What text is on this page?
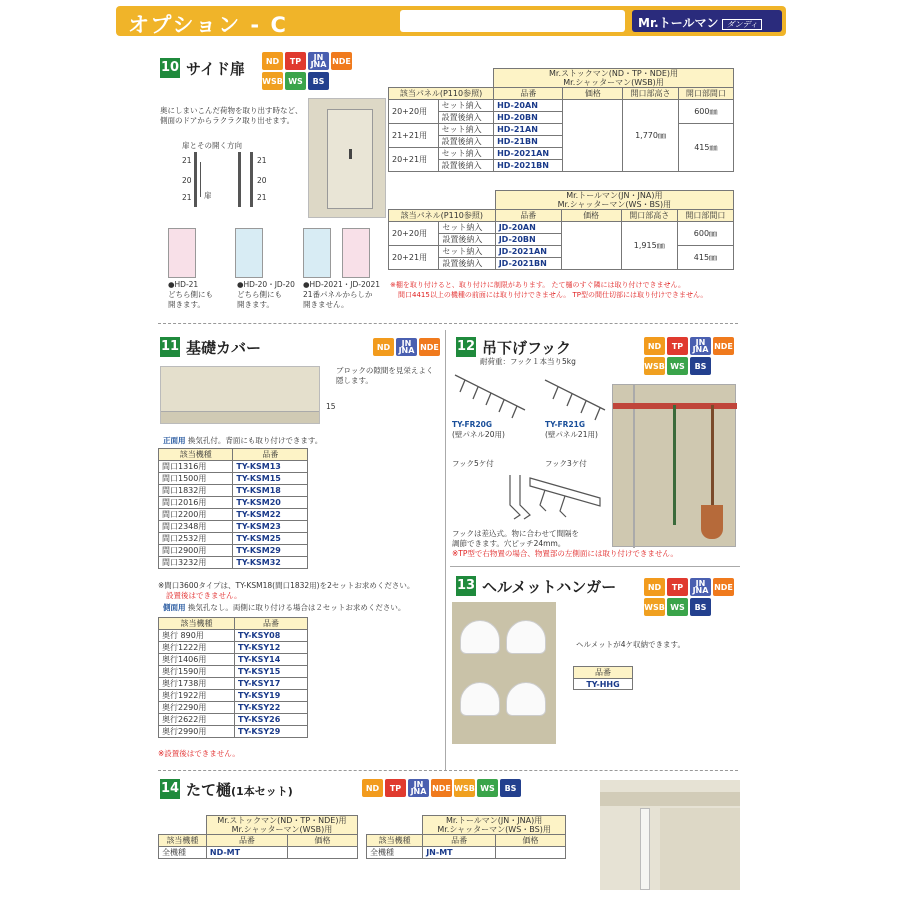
オプション - C	Mr.トールマン ダンディ
10 サイド扉	ND	TP	JN
JNA NDE
WSB WS	BS
奥にしまいこんだ荷物を取り出す時など、
側面のドアからラクラク取り出せます。
扉とその開く方向
21
20
21 扉
21
20
21
●HD-21
どちら側にも
開きます。
●HD-20・JD-20
どちら側にも
開きます。
●HD-2021・JD-2021
21番パネルからしか
開きません。

		Mr.ストックマン(ND・TP・NDE)用
Mr.シャッターマン(WSB)用			

該当パネル(P110参照)		品番	価格	開口部高さ	開口部間口
20+20用	セット納入	HD-20AN		1,770㎜	600㎜
	設置後納入	HD-20BN			
21+21用	セット納入	HD-21AN			415㎜
	設置後納入	HD-21BN			
20+21用	セット納入	HD-2021AN			
	設置後納入	HD-2021BN			

		Mr.トールマン(JN・JNA)用
Mr.シャッターマン(WS・BS)用			

該当パネル(P110参照)		品番	価格	開口部高さ	開口部間口
20+20用	セット納入	JD-20AN		1,915㎜	600㎜
	設置後納入	JD-20BN			
20+21用	セット納入	JD-2021AN			415㎜
	設置後納入	JD-2021BN			
※棚を取り付けると、取り付けに制限があります。 たて樋のすぐ隣には取り付けできません。
間口4415以上の機種の前面には取り付けできません。 TP型の間仕切部には取り付けできません。
11 基礎カバー	ND	JN
JNA NDE
15
ブロックの隙間を見栄えよく
隠します。
正面用 換気孔付。背面にも取り付けできます。
該当機種	品番
間口1316用	TY-KSM13
間口1500用	TY-KSM15
間口1832用	TY-KSM18
間口2016用	TY-KSM20
間口2200用	TY-KSM22
間口2348用	TY-KSM23
間口2532用	TY-KSM25
間口2900用	TY-KSM29
間口3232用	TY-KSM32
※間口3600タイプは、TY-KSM18(間口1832用)を2セットお求めください。
設置後はできません。
側面用 換気孔なし。両側に取り付ける場合は２セットお求めください。
該当機種	品番
奥行 890用	TY-KSY08
奥行1222用	TY-KSY12
奥行1406用	TY-KSY14
奥行1590用	TY-KSY15
奥行1738用	TY-KSY17
奥行1922用	TY-KSY19
奥行2290用	TY-KSY22
奥行2622用	TY-KSY26
奥行2990用	TY-KSY29
※設置後はできません。
12 吊下げフック	ND	TP	JN
JNA NDE
WSB WS	BS
耐荷重：フック１本当り5kg
TY-FR20G
(壁パネル20用)
TY-FR21G
(壁パネル21用)
フック5ケ付	フック3ケ付
フックは差込式。物に合わせて間隔を
調節できます。穴ピッチ24mm。
※TP型で右物置の場合、物置部の左側面には取り付けできません。
13 ヘルメットハンガー	ND	TP	JN
JNA NDE
WSB WS	BS
ヘルメットが4ケ収納できます。
品番
TY-HHG
14 たて樋(1本セット)	ND	TP	JN
JNA NDE WSB WS	BS

	Mr.ストックマン(ND・TP・NDE)用
Mr.シャッターマン(WSB)用	

該当機種	品番	価格
全機種	ND-MT	

	Mr.トールマン(JN・JNA)用
Mr.シャッターマン(WS・BS)用	

該当機種	品番	価格
全機種	JN-MT	
